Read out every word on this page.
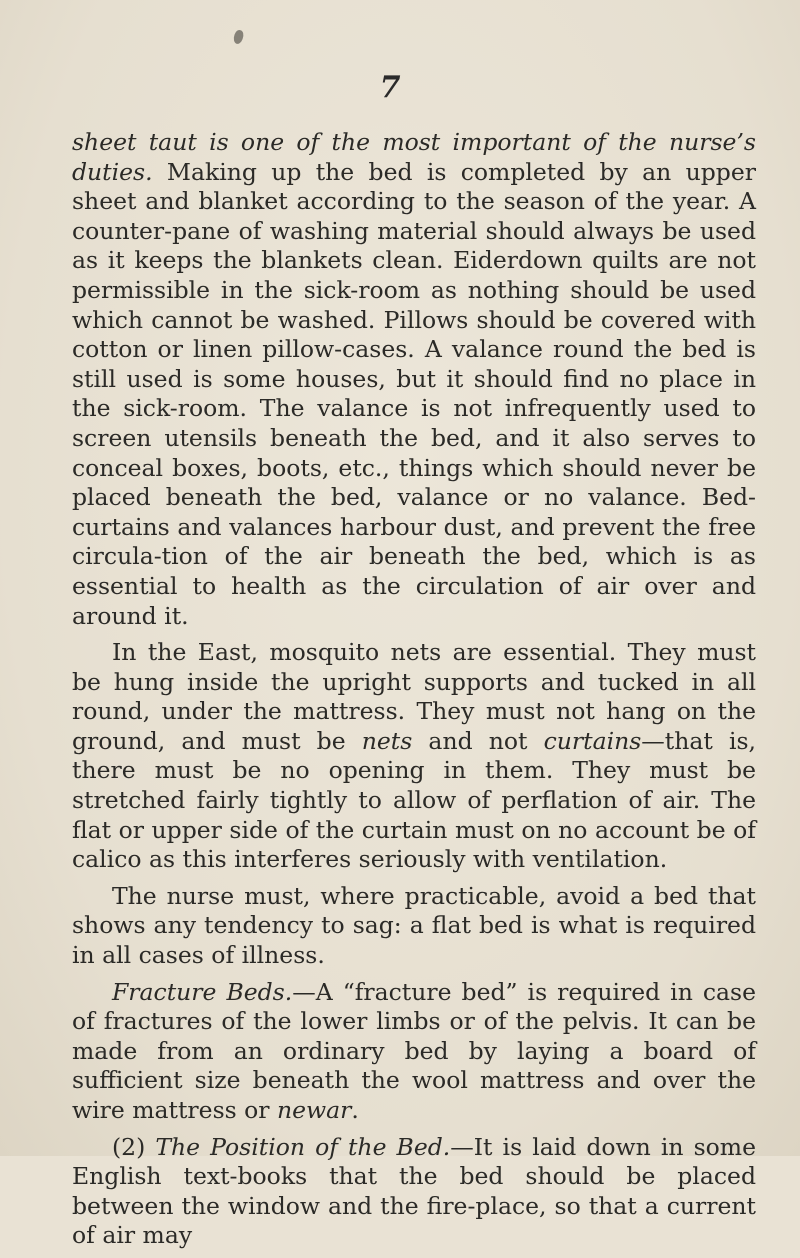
7

sheet taut is one of the most important of the nurse’s duties. Making up the bed is completed by an upper sheet and blanket according to the season of the year. A counter-pane of washing material should always be used as it keeps the blankets clean. Eiderdown quilts are not permissible in the sick-room as nothing should be used which cannot be washed. Pillows should be covered with cotton or linen pillow-cases. A valance round the bed is still used is some houses, but it should find no place in the sick-room. The valance is not infrequently used to screen utensils beneath the bed, and it also serves to conceal boxes, boots, etc., things which should never be placed beneath the bed, valance or no valance. Bed-curtains and valances harbour dust, and prevent the free circula-tion of the air beneath the bed, which is as essential to health as the circulation of air over and around it.

In the East, mosquito nets are essential. They must be hung inside the upright supports and tucked in all round, under the mattress. They must not hang on the ground, and must be nets and not curtains—that is, there must be no opening in them. They must be stretched fairly tightly to allow of perflation of air. The flat or upper side of the curtain must on no account be of calico as this interferes seriously with ventilation.

The nurse must, where practicable, avoid a bed that shows any tendency to sag: a flat bed is what is required in all cases of illness.

Fracture Beds.—A “fracture bed” is required in case of fractures of the lower limbs or of the pelvis. It can be made from an ordinary bed by laying a board of sufficient size beneath the wool mattress and over the wire mattress or newar.

(2) The Position of the Bed.—It is laid down in some English text-books that the bed should be placed between the window and the fire-place, so that a current of air may
